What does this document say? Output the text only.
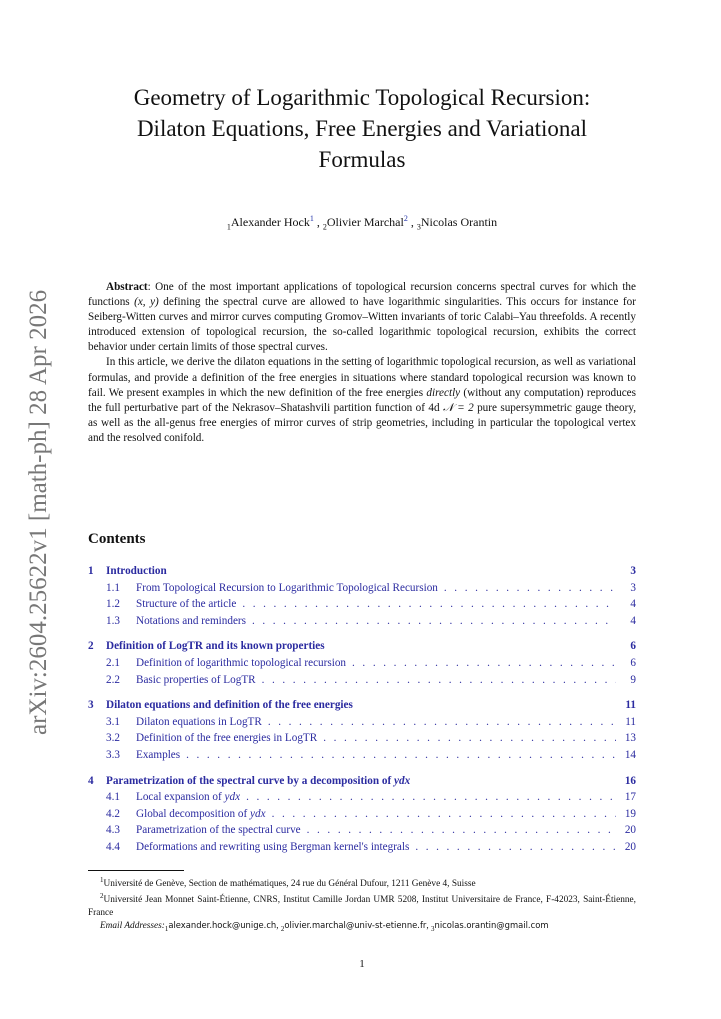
arXiv:2604.25622v1 [math-ph] 28 Apr 2026
Geometry of Logarithmic Topological Recursion:
Dilaton Equations, Free Energies and Variational
Formulas
$_1$Alexander Hock$^1$ , $_2$Olivier Marchal$^2$ , $_3$Nicolas Orantin

Abstract: One of the most important applications of topological recursion concerns spectral curves for which the functions (x, y) defining the spectral curve are allowed to have logarithmic singularities. This occurs for instance for Seiberg-Witten curves and mirror curves computing Gromov–Witten invariants of toric Calabi–Yau threefolds. A recently introduced extension of topological recursion, the so-called logarithmic topological recursion, exhibits the correct behavior under certain limits of those spectral curves.

In this article, we derive the dilaton equations in the setting of logarithmic topological recursion, as well as variational formulas, and provide a definition of the free energies in situations where standard topological recursion was known to fail. We present examples in which the new definition of the free energies directly (without any computation) reproduces the full perturbative part of the Nekrasov–Shatashvili partition function of 4d 𝒩 = 2 pure supersymmetric gauge theory, as well as the all-genus free energies of mirror curves of strip geometries, including in particular the topological vertex and the resolved conifold.

Contents
1	Introduction	3
1.1	From Topological Recursion to Logarithmic Topological Recursion . . .	3
1.2	Structure of the article . . .	4
1.3	Notations and reminders . . .	4
2	Definition of LogTR and its known properties	6
2.1	Definition of logarithmic topological recursion . . .	6
2.2	Basic properties of LogTR . . .	9
3	Dilaton equations and definition of the free energies	11
3.1	Dilaton equations in LogTR . . .	11
3.2	Definition of the free energies in LogTR . . .	13
3.3	Examples . . .	14
4	Parametrization of the spectral curve by a decomposition of ydx	16
4.1	Local expansion of ydx . . .	17
4.2	Global decomposition of ydx . . .	19
4.3	Parametrization of the spectral curve . . .	20
4.4	Deformations and rewriting using Bergman kernel's integrals . . .	20

$^1$Université de Genève, Section de mathématiques, 24 rue du Général Dufour, 1211 Genève 4, Suisse

$^2$Université Jean Monnet Saint-Étienne, CNRS, Institut Camille Jordan UMR 5208, Institut Universitaire de France, F-42023, Saint-Étienne, France

Email $Addresses:_1alexander.hock@unige.ch$, $_2$olivier.marchal@univ-st-etienne.fr, $_3$nicolas.orantin@gmail.com

1
